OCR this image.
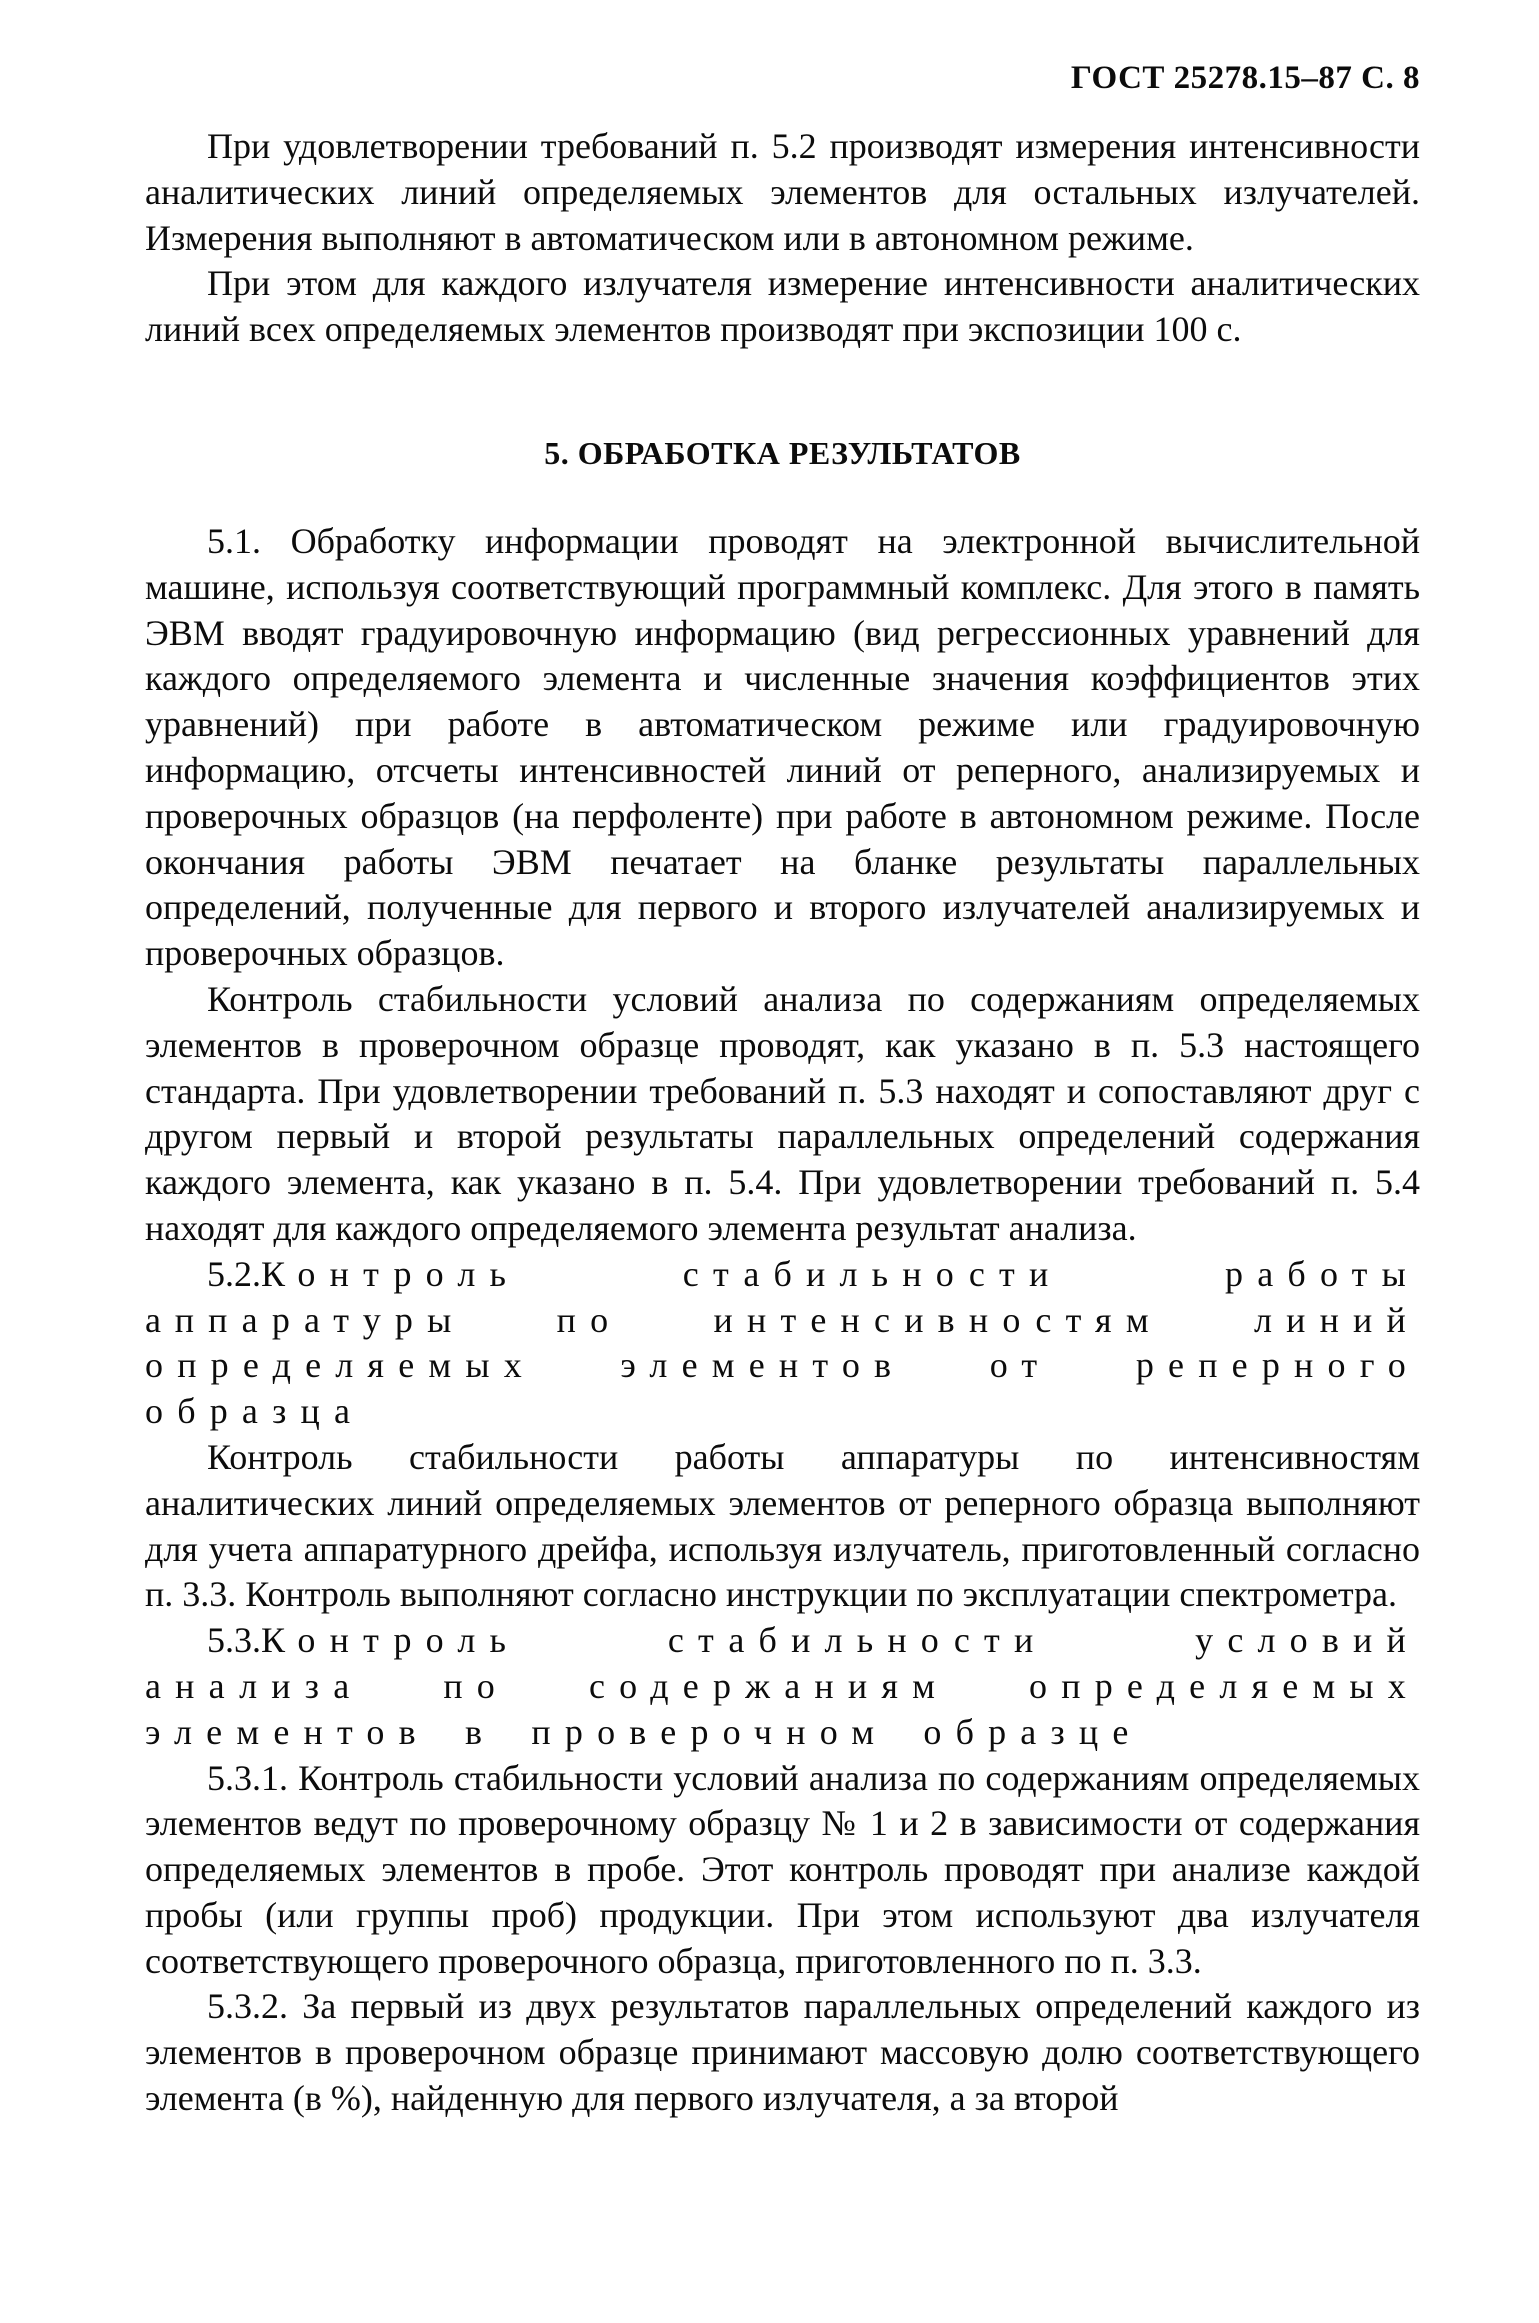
ГОСТ 25278.15–87 С. 8

При удовлетворении требований п. 5.2 производят измерения интенсивности аналитических линий определяемых элементов для остальных излучателей. Измерения выполняют в автоматическом или в автономном режиме.

При этом для каждого излучателя измерение интенсивности аналитических линий всех определяемых элементов производят при экспозиции 100 с.

5. ОБРАБОТКА РЕЗУЛЬТАТОВ

5.1. Обработку информации проводят на электронной вычислительной машине, используя соответствующий программный комплекс. Для этого в память ЭВМ вводят градуировочную информацию (вид регрессионных уравнений для каждого определяемого элемента и численные значения коэффициентов этих уравнений) при работе в автоматическом режиме или градуировочную информацию, отсчеты интенсивностей линий от реперного, анализируемых и проверочных образцов (на перфоленте) при работе в автономном режиме. После окончания работы ЭВМ печатает на бланке результаты параллельных определений, полученные для первого и второго излучателей анализируемых и проверочных образцов.

Контроль стабильности условий анализа по содержаниям определяемых элементов в проверочном образце проводят, как указано в п. 5.3 настоящего стандарта. При удовлетворении требований п. 5.3 находят и сопоставляют друг с другом первый и второй результаты параллельных определений содержания каждого элемента, как указано в п. 5.4. При удовлетворении требований п. 5.4 находят для каждого определяемого элемента результат анализа.

5.2.Контроль стабильности работы аппаратуры по интенсивностям линий определяемых элементов от реперного образца

Контроль стабильности работы аппаратуры по интенсивностям аналитических линий определяемых элементов от реперного образца выполняют для учета аппаратурного дрейфа, используя излучатель, приготовленный согласно п. 3.3. Контроль выполняют согласно инструкции по эксплуатации спектрометра.

5.3.Контроль стабильности условий анализа по содержаниям определяемых элементов в проверочном образце

5.3.1. Контроль стабильности условий анализа по содержаниям определяемых элементов ведут по проверочному образцу № 1 и 2 в зависимости от содержания определяемых элементов в пробе. Этот контроль проводят при анализе каждой пробы (или группы проб) продукции. При этом используют два излучателя соответствующего проверочного образца, приготовленного по п. 3.3.

5.3.2. За первый из двух результатов параллельных определений каждого из элементов в проверочном образце принимают массовую долю соответствующего элемента (в %), найденную для первого излучателя, а за второй
